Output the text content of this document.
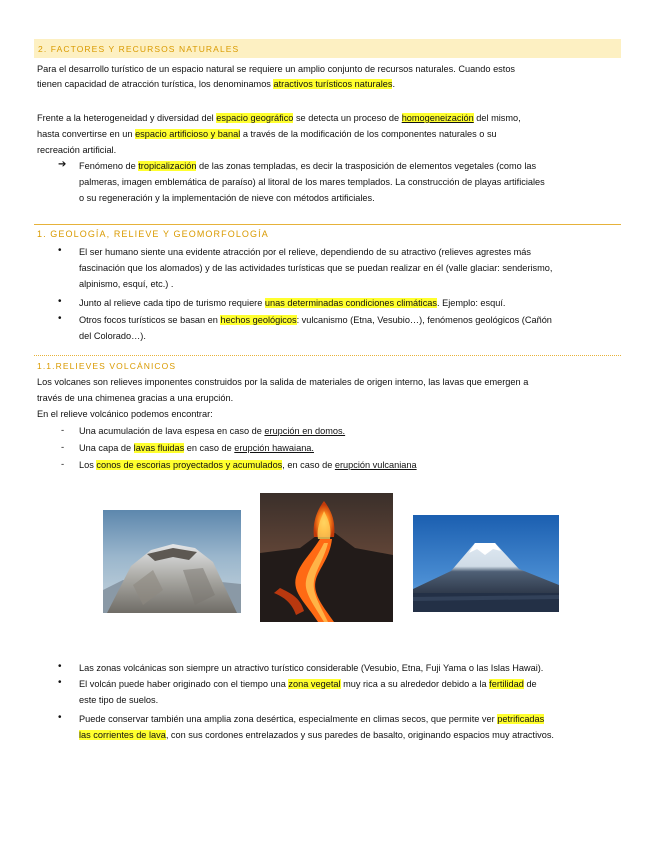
2. FACTORES Y RECURSOS NATURALES
Para el desarrollo turístico de un espacio natural se requiere un amplio conjunto de recursos naturales. Cuando estos
tienen capacidad de atracción turística, los denominamos atractivos turísticos naturales.
Frente a la heterogeneidad y diversidad del espacio geográfico se detecta un proceso de homogeneización del mismo,
hasta convertirse en un espacio artificioso y banal a través de la modificación de los componentes naturales o su
recreación artificial.
➔ Fenómeno de tropicalización de las zonas templadas, es decir la trasposición de elementos vegetales (como las
palmeras, imagen emblemática de paraíso) al litoral de los mares templados. La construcción de playas artificiales
o su regeneración y la implementación de nieve con métodos artificiales.
1. GEOLOGÍA, RELIEVE Y GEOMORFOLOGÍA
• El ser humano siente una evidente atracción por el relieve, dependiendo de su atractivo (relieves agrestes más
fascinación que los alomados) y de las actividades turísticas que se puedan realizar en él (valle glaciar: senderismo,
alpinismo, esquí, etc.) .
• Junto al relieve cada tipo de turismo requiere unas determinadas condiciones climáticas. Ejemplo: esquí.
• Otros focos turísticos se basan en hechos geológicos: vulcanismo (Etna, Vesubio…), fenómenos geológicos (Cañón
del Colorado…).
1.1.RELIEVES VOLCÁNICOS
Los volcanes son relieves imponentes construidos por la salida de materiales de origen interno, las lavas que emergen a
través de una chimenea gracias a una erupción.
En el relieve volcánico podemos encontrar:
- Una acumulación de lava espesa en caso de erupción en domos.
- Una capa de lavas fluidas en caso de erupción hawaiana.
- Los conos de escorias proyectados y acumulados, en caso de erupción vulcaniana
• Las zonas volcánicas son siempre un atractivo turístico considerable (Vesubio, Etna, Fuji Yama o las Islas Hawai).
• El volcán puede haber originado con el tiempo una zona vegetal muy rica a su alrededor debido a la fertilidad de
este tipo de suelos.
• Puede conservar también una amplia zona desértica, especialmente en climas secos, que permite ver petrificadas
las corrientes de lava, con sus cordones entrelazados y sus paredes de basalto, originando espacios muy atractivos.
